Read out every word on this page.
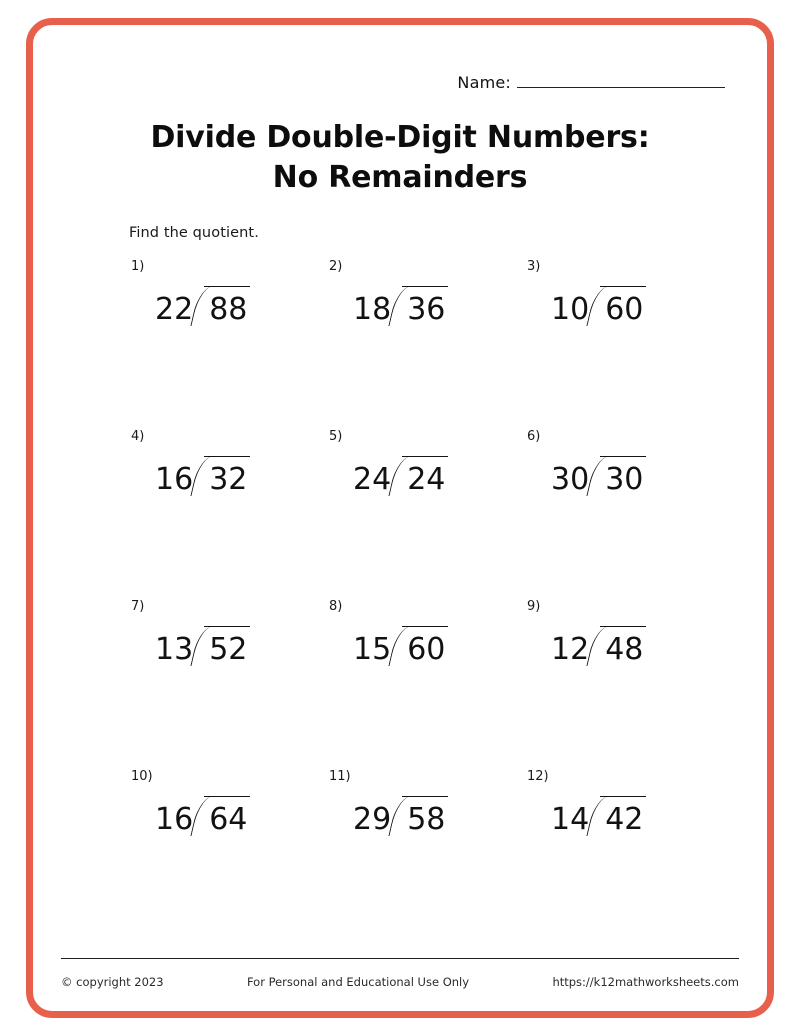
Name:
Divide Double-Digit Numbers:
No Remainders
Find the quotient.
1)
22 88
2)
18 36
3)
10 60
4)
16 32
5)
24 24
6)
30 30
7)
13 52
8)
15 60
9)
12 48
10)
16 64
11)
29 58
12)
14 42
© copyright 2023	For Personal and Educational Use Only	https://k12mathworksheets.com
